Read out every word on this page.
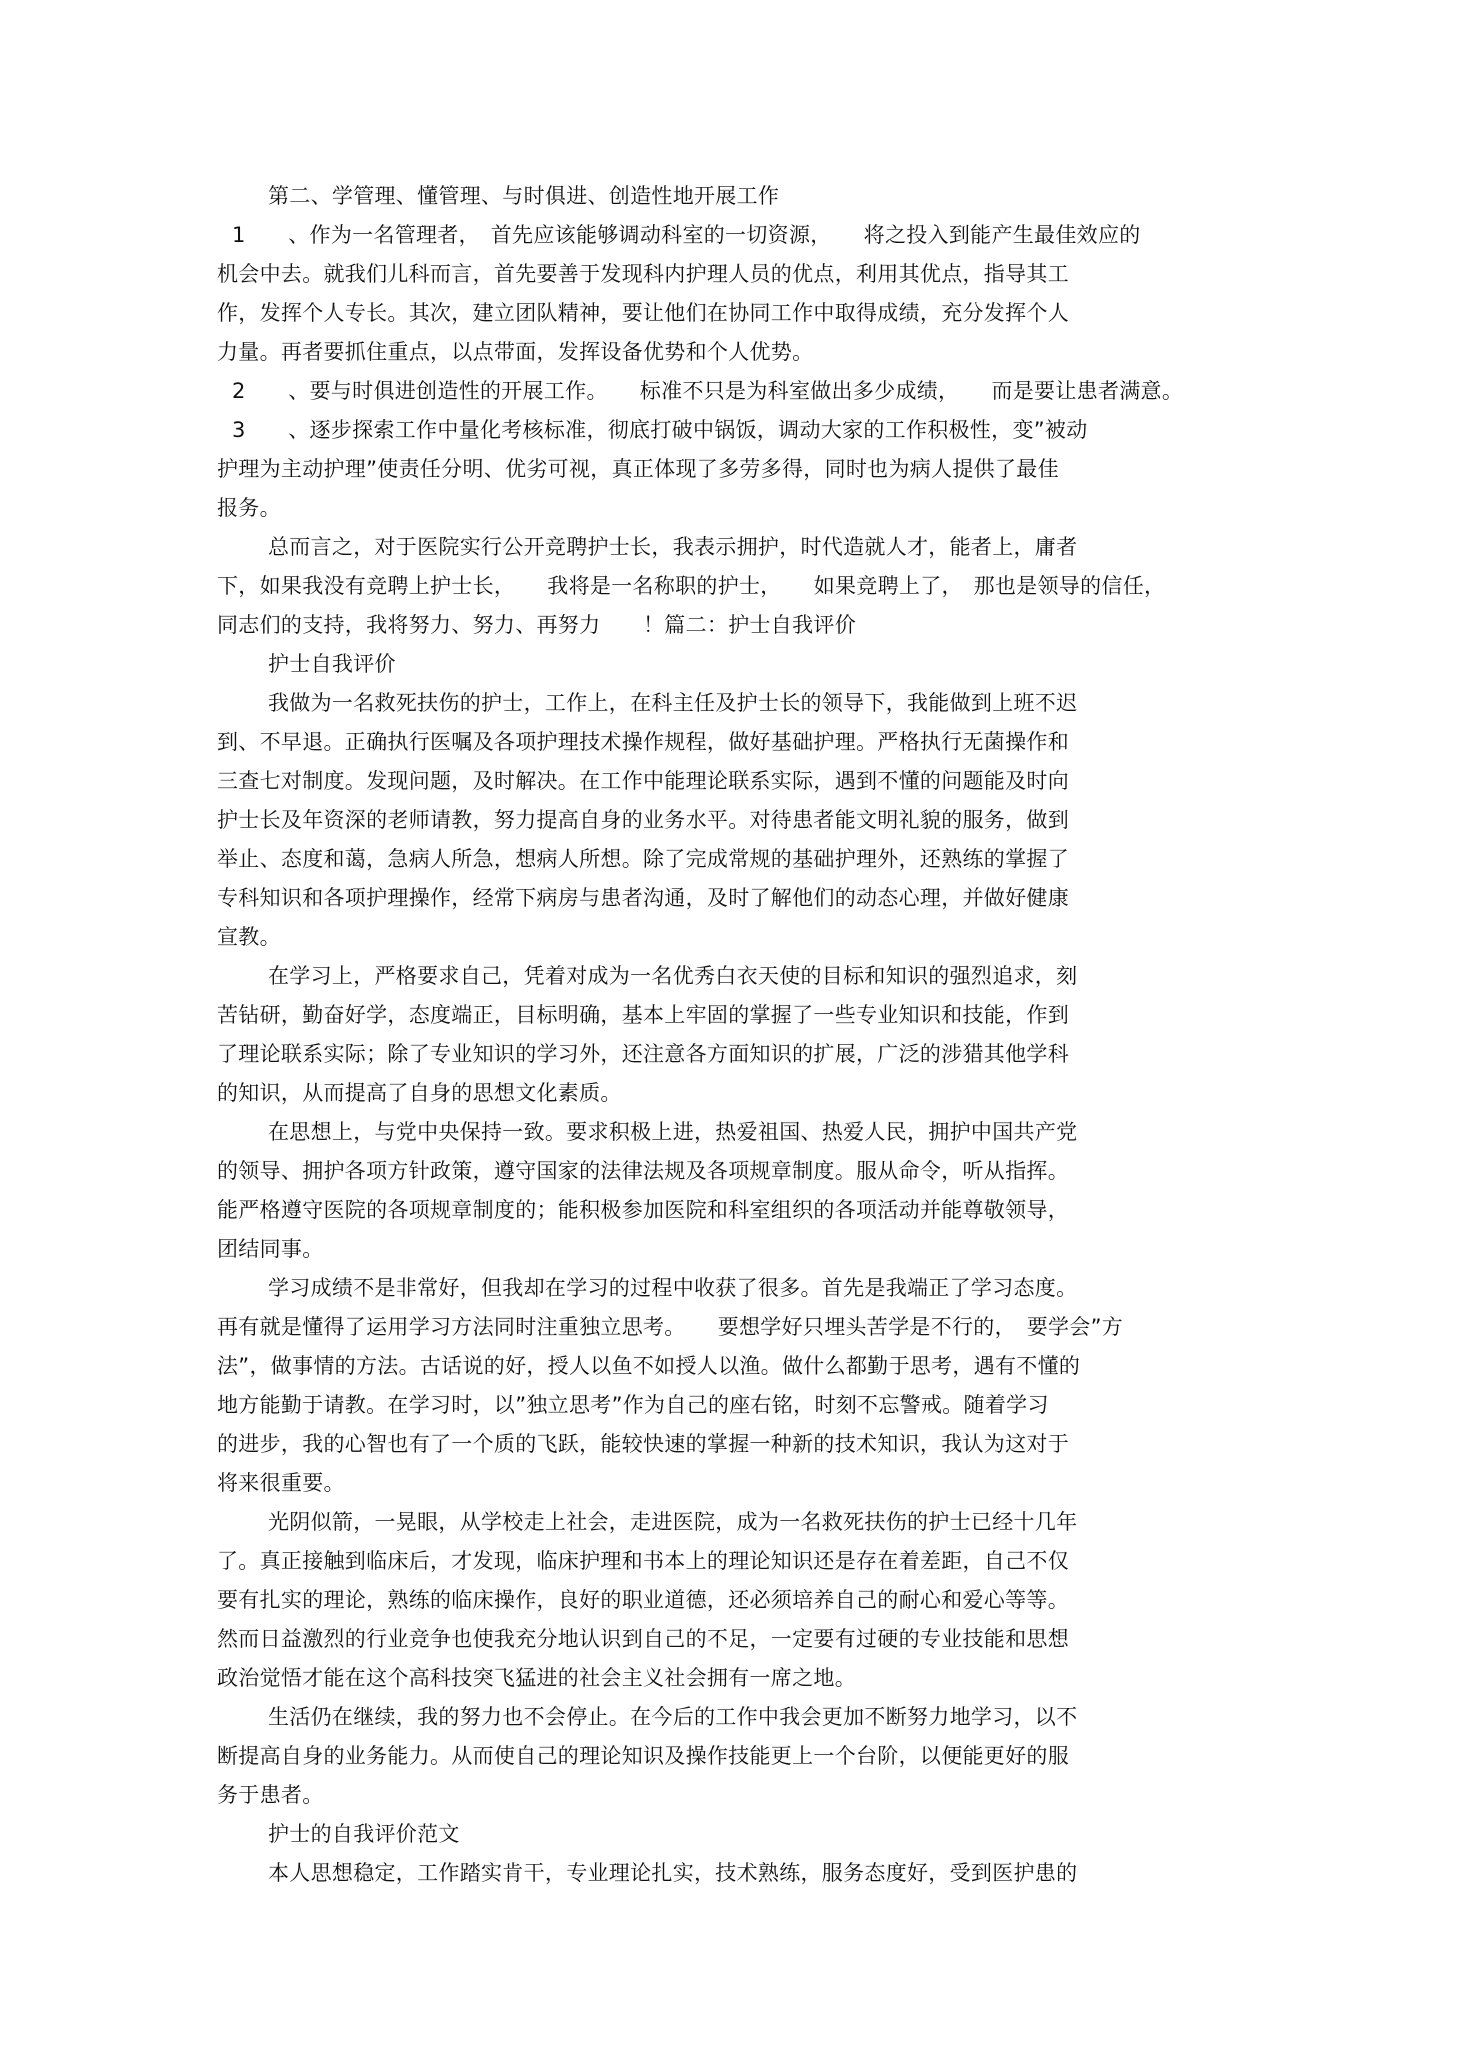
第二、学管理、懂管理、与时俱进、创造性地开展工作
1　　、作为一名管理者，　首先应该能够调动科室的一切资源，　　将之投入到能产生最佳效应的
机会中去。就我们儿科而言，首先要善于发现科内护理人员的优点，利用其优点，指导其工
作，发挥个人专长。其次，建立团队精神，要让他们在协同工作中取得成绩，充分发挥个人
力量。再者要抓住重点，以点带面，发挥设备优势和个人优势。
2　　、要与时俱进创造性的开展工作。　　标准不只是为科室做出多少成绩，　　而是要让患者满意。
3　　、逐步探索工作中量化考核标准，彻底打破中锅饭，调动大家的工作积极性，变”被动
护理为主动护理”使责任分明、优劣可视，真正体现了多劳多得，同时也为病人提供了最佳
报务。
总而言之，对于医院实行公开竞聘护士长，我表示拥护，时代造就人才，能者上，庸者
下，如果我没有竞聘上护士长，　　我将是一名称职的护士，　　如果竞聘上了，　那也是领导的信任，
同志们的支持，我将努力、努力、再努力　　！篇二：护士自我评价
护士自我评价
我做为一名救死扶伤的护士，工作上，在科主任及护士长的领导下，我能做到上班不迟
到、不早退。正确执行医嘱及各项护理技术操作规程，做好基础护理。严格执行无菌操作和
三查七对制度。发现问题，及时解决。在工作中能理论联系实际，遇到不懂的问题能及时向
护士长及年资深的老师请教，努力提高自身的业务水平。对待患者能文明礼貌的服务，做到
举止、态度和蔼，急病人所急，想病人所想。除了完成常规的基础护理外，还熟练的掌握了
专科知识和各项护理操作，经常下病房与患者沟通，及时了解他们的动态心理，并做好健康
宣教。
在学习上，严格要求自己，凭着对成为一名优秀白衣天使的目标和知识的强烈追求，刻
苦钻研，勤奋好学，态度端正，目标明确，基本上牢固的掌握了一些专业知识和技能，作到
了理论联系实际；除了专业知识的学习外，还注意各方面知识的扩展，广泛的涉猎其他学科
的知识，从而提高了自身的思想文化素质。
在思想上，与党中央保持一致。要求积极上进，热爱祖国、热爱人民，拥护中国共产党
的领导、拥护各项方针政策，遵守国家的法律法规及各项规章制度。服从命令，听从指挥。
能严格遵守医院的各项规章制度的；能积极参加医院和科室组织的各项活动并能尊敬领导，
团结同事。
学习成绩不是非常好，但我却在学习的过程中收获了很多。首先是我端正了学习态度。
再有就是懂得了运用学习方法同时注重独立思考。　　要想学好只埋头苦学是不行的，　要学会”方
法”，做事情的方法。古话说的好，授人以鱼不如授人以渔。做什么都勤于思考，遇有不懂的
地方能勤于请教。在学习时，以”独立思考”作为自己的座右铭，时刻不忘警戒。随着学习
的进步，我的心智也有了一个质的飞跃，能较快速的掌握一种新的技术知识，我认为这对于
将来很重要。
光阴似箭，一晃眼，从学校走上社会，走进医院，成为一名救死扶伤的护士已经十几年
了。真正接触到临床后，才发现，临床护理和书本上的理论知识还是存在着差距，自己不仅
要有扎实的理论，熟练的临床操作，良好的职业道德，还必须培养自己的耐心和爱心等等。
然而日益激烈的行业竞争也使我充分地认识到自己的不足，一定要有过硬的专业技能和思想
政治觉悟才能在这个高科技突飞猛进的社会主义社会拥有一席之地。
生活仍在继续，我的努力也不会停止。在今后的工作中我会更加不断努力地学习，以不
断提高自身的业务能力。从而使自己的理论知识及操作技能更上一个台阶，以便能更好的服
务于患者。
护士的自我评价范文
本人思想稳定，工作踏实肯干，专业理论扎实，技术熟练，服务态度好，受到医护患的
